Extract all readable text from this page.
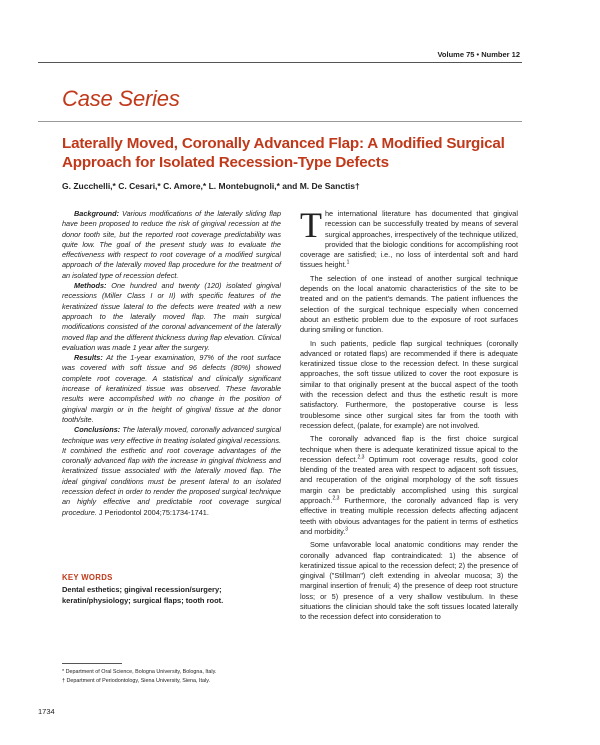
Volume 75 • Number 12
Case Series
Laterally Moved, Coronally Advanced Flap: A Modified Surgical Approach for Isolated Recession-Type Defects
G. Zucchelli,* C. Cesari,* C. Amore,* L. Montebugnoli,* and M. De Sanctis†

Background: Various modifications of the laterally sliding flap have been proposed to reduce the risk of gingival recession at the donor tooth site, but the reported root coverage predictability was quite low. The goal of the present study was to evaluate the effectiveness with respect to root coverage of a modified surgical approach of the laterally moved flap procedure for the treatment of an isolated type of recession defect.

Methods: One hundred and twenty (120) isolated gingival recessions (Miller Class I or II) with specific features of the keratinized tissue lateral to the defects were treated with a new approach to the laterally moved flap. The main surgical modifications consisted of the coronal advancement of the laterally moved flap and the different thickness during flap elevation. Clinical evaluation was made 1 year after the surgery.

Results: At the 1-year examination, 97% of the root surface was covered with soft tissue and 96 defects (80%) showed complete root coverage. A statistical and clinically significant increase of keratinized tissue was observed. These favorable results were accomplished with no change in the position of gingival margin or in the height of gingival tissue at the donor tooth/site.

Conclusions: The laterally moved, coronally advanced surgical technique was very effective in treating isolated gingival recessions. It combined the esthetic and root coverage advantages of the coronally advanced flap with the increase in gingival thickness and keratinized tissue associated with the laterally moved flap. The ideal gingival conditions must be present lateral to an isolated recession defect in order to render the proposed surgical technique an highly effective and predictable root coverage surgical procedure. J Periodontol 2004;75:1734-1741.

KEY WORDS
Dental esthetics; gingival recession/surgery; keratin/physiology; surgical flaps; tooth root.
* Department of Oral Science, Bologna University, Bologna, Italy.
† Department of Periodontology, Siena University, Siena, Italy.
1734

The international literature has documented that gingival recession can be successfully treated by means of several surgical approaches, irrespectively of the technique utilized, provided that the biologic conditions for accomplishing root coverage are satisfied; i.e., no loss of interdental soft and hard tissues height.$^1$

The selection of one instead of another surgical technique depends on the local anatomic characteristics of the site to be treated and on the patient's demands. The patient influences the selection of the surgical technique especially when concerned about an esthetic problem due to the exposure of root surfaces during smiling or function.

In such patients, pedicle flap surgical techniques (coronally advanced or rotated flaps) are recommended if there is adequate keratinized tissue close to the recession defect. In these surgical approaches, the soft tissue utilized to cover the root exposure is similar to that originally present at the buccal aspect of the tooth with the recession defect and thus the esthetic result is more satisfactory. Furthermore, the postoperative course is less troublesome since other surgical sites far from the tooth with recession defect, (palate, for example) are not involved.

The coronally advanced flap is the first choice surgical technique when there is adequate keratinized tissue apical to the recession defect.$^{2,3}$ Optimum root coverage results, good color blending of the treated area with respect to adjacent soft tissues, and recuperation of the original morphology of the soft tissues margin can be predictably accomplished using this surgical approach.$^{2,3}$ Furthermore, the coronally advanced flap is very effective in treating multiple recession defects affecting adjacent teeth with obvious advantages for the patient in terms of esthetics and morbidity.$^3$

Some unfavorable local anatomic conditions may render the coronally advanced flap contraindicated: 1) the absence of keratinized tissue apical to the recession defect; 2) the presence of gingival ("Stillman") cleft extending in alveolar mucosa; 3) the marginal insertion of frenuli; 4) the presence of deep root structure loss; or 5) presence of a very shallow vestibulum. In these situations the clinician should take the soft tissues located laterally to the recession defect into consideration to
